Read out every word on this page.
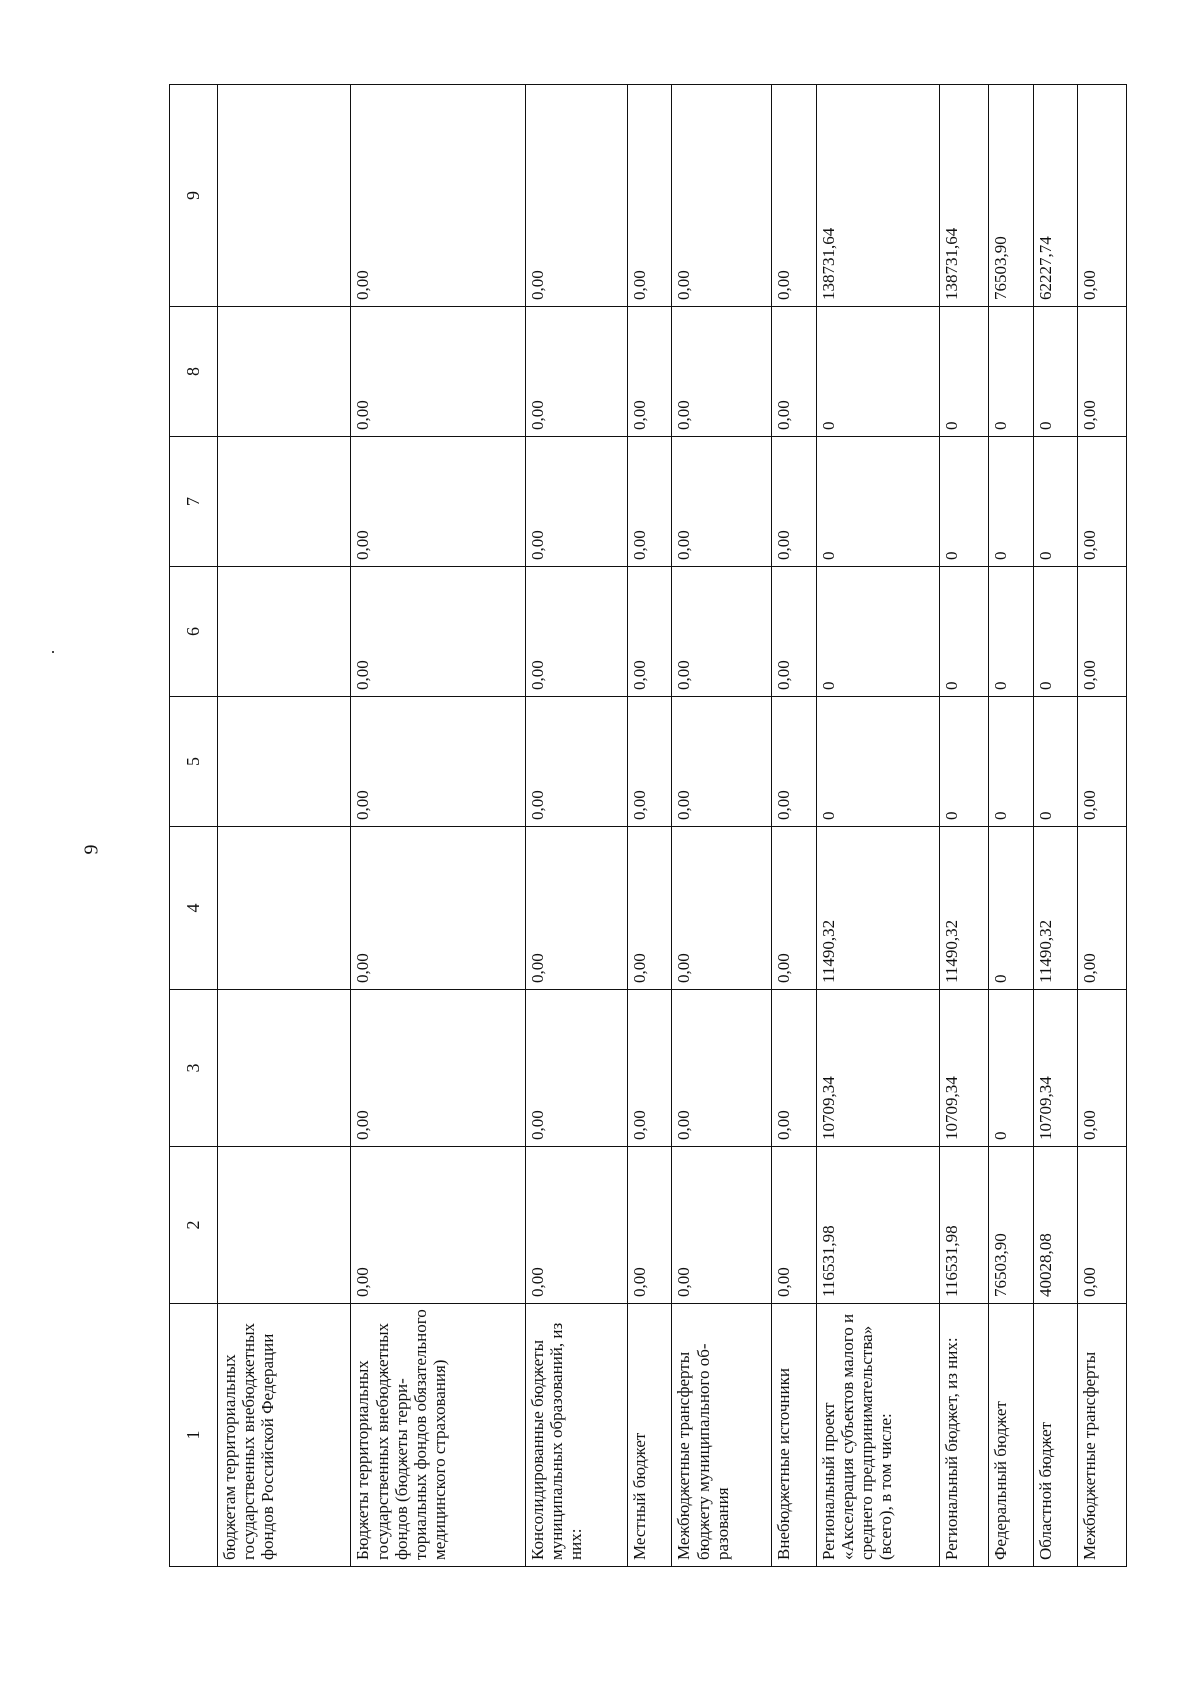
9
1	2	3	4	5	6	7	8	9
бюджетам территориальных государственных внебюджетных фондов Российской Федерации								
Бюджеты территориальных государственных внебюджетных фондов (бюджеты территориальных фондов обязательного медицинского страхования)	0,00	0,00	0,00	0,00	0,00	0,00	0,00	0,00
Консолидированные бюджеты муниципальных образований, из них:	0,00	0,00	0,00	0,00	0,00	0,00	0,00	0,00
Местный бюджет	0,00	0,00	0,00	0,00	0,00	0,00	0,00	0,00
Межбюджетные трансферты бюджету муниципального образования	0,00	0,00	0,00	0,00	0,00	0,00	0,00	0,00
Внебюджетные источники	0,00	0,00	0,00	0,00	0,00	0,00	0,00	0,00
Региональный проект «Акселерация субъектов малого и среднего предпринимательства» (всего), в том числе:	116531,98	10709,34	11490,32	0	0	0	0	138731,64
Региональный бюджет, из них:	116531,98	10709,34	11490,32	0	0	0	0	138731,64
Федеральный бюджет	76503,90	0	0	0	0	0	0	76503,90
Областной бюджет	40028,08	10709,34	11490,32	0	0	0	0	62227,74
Межбюджетные трансферты	0,00	0,00	0,00	0,00	0,00	0,00	0,00	0,00
